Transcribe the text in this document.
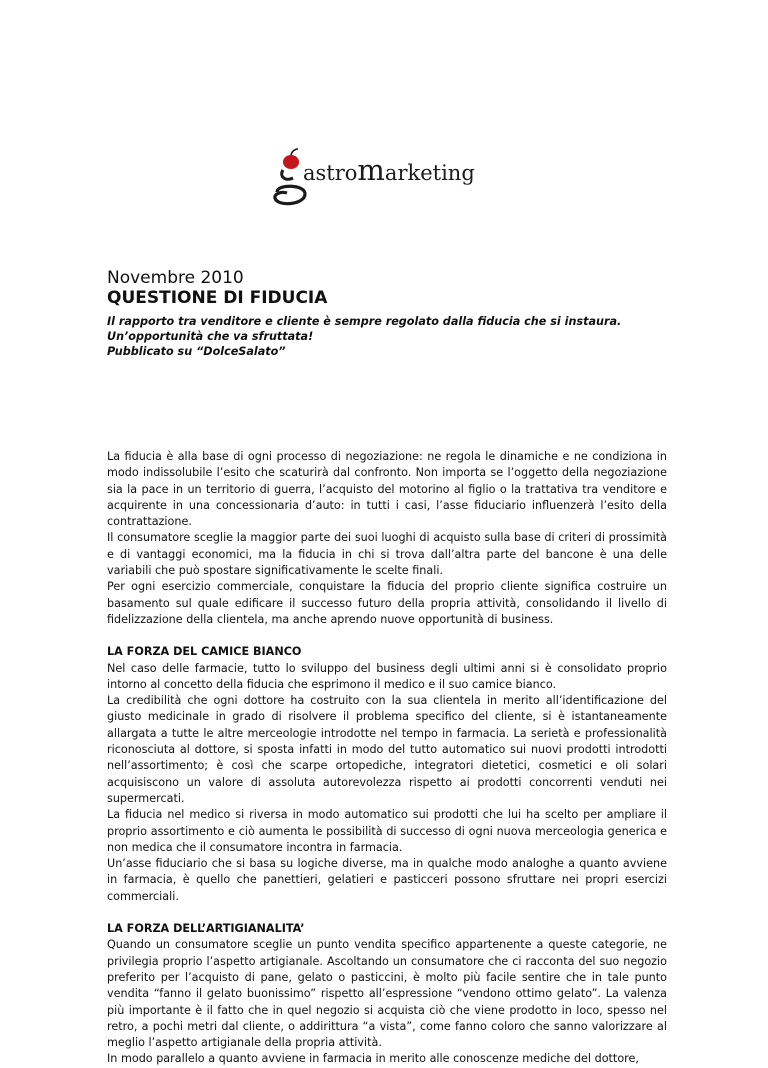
astromarketing

Novembre 2010

QUESTIONE DI FIDUCIA

Il rapporto tra venditore e cliente è sempre regolato dalla fiducia che si instaura.

Un’opportunità che va sfruttata!

Pubblicato su “DolceSalato”

La fiducia è alla base di ogni processo di negoziazione: ne regola le dinamiche e ne condiziona in modo indissolubile l’esito che scaturirà dal confronto. Non importa se l’oggetto della negoziazione sia la pace in un territorio di guerra, l’acquisto del motorino al figlio o la trattativa tra venditore e acquirente in una concessionaria d’auto: in tutti i casi, l’asse fiduciario influenzerà l’esito della contrattazione.

Il consumatore sceglie la maggior parte dei suoi luoghi di acquisto sulla base di criteri di prossimità e di vantaggi economici, ma la fiducia in chi si trova dall’altra parte del bancone è una delle variabili che può spostare significativamente le scelte finali.

Per ogni esercizio commerciale, conquistare la fiducia del proprio cliente significa costruire un basamento sul quale edificare il successo futuro della propria attività, consolidando il livello di fidelizzazione della clientela, ma anche aprendo nuove opportunità di business.

LA FORZA DEL CAMICE BIANCO

Nel caso delle farmacie, tutto lo sviluppo del business degli ultimi anni si è consolidato proprio intorno al concetto della fiducia che esprimono il medico e il suo camice bianco.

La credibilità che ogni dottore ha costruito con la sua clientela in merito all’identificazione del giusto medicinale in grado di risolvere il problema specifico del cliente, si è istantaneamente allargata a tutte le altre merceologie introdotte nel tempo in farmacia. La serietà e professionalità riconosciuta al dottore, si sposta infatti in modo del tutto automatico sui nuovi prodotti introdotti nell’assortimento; è così che scarpe ortopediche, integratori dietetici, cosmetici e oli solari acquisiscono un valore di assoluta autorevolezza rispetto ai prodotti concorrenti venduti nei supermercati.

La fiducia nel medico si riversa in modo automatico sui prodotti che lui ha scelto per ampliare il proprio assortimento e ciò aumenta le possibilità di successo di ogni nuova merceologia generica e non medica che il consumatore incontra in farmacia.

Un’asse fiduciario che si basa su logiche diverse, ma in qualche modo analoghe a quanto avviene in farmacia, è quello che panettieri, gelatieri e pasticceri possono sfruttare nei propri esercizi commerciali.

LA FORZA DELL’ARTIGIANALITA’

Quando un consumatore sceglie un punto vendita specifico appartenente a queste categorie, ne privilegia proprio l’aspetto artigianale. Ascoltando un consumatore che ci racconta del suo negozio preferito per l’acquisto di pane, gelato o pasticcini, è molto più facile sentire che in tale punto vendita “fanno il gelato buonissimo” rispetto all’espressione “vendono ottimo gelato”. La valenza più importante è il fatto che in quel negozio si acquista ciò che viene prodotto in loco, spesso nel retro, a pochi metri dal cliente, o addirittura “a vista”, come fanno coloro che sanno valorizzare al meglio l’aspetto artigianale della propria attività.

In modo parallelo a quanto avviene in farmacia in merito alle conoscenze mediche del dottore,
